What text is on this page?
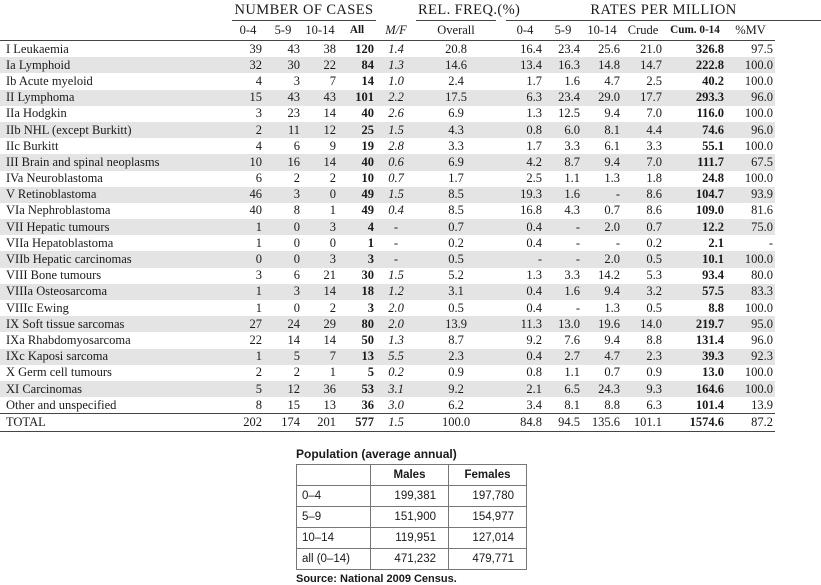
	NUMBER OF CASES					REL. FREQ.(%)		RATES PER MILLION					
	0-4	5-9	10-14	All	M/F	Overall		0-4	5-9	10-14	Crude	Cum. 0-14	%MV
I Leukaemia	39	43	38	120	1.4	20.8		16.4	23.4	25.6	21.0	326.8	97.5
Ia Lymphoid	32	30	22	84	1.3	14.6		13.4	16.3	14.8	14.7	222.8	100.0
Ib Acute myeloid	4	3	7	14	1.0	2.4		1.7	1.6	4.7	2.5	40.2	100.0
II Lymphoma	15	43	43	101	2.2	17.5		6.3	23.4	29.0	17.7	293.3	96.0
IIa Hodgkin	3	23	14	40	2.6	6.9		1.3	12.5	9.4	7.0	116.0	100.0
IIb NHL (except Burkitt)	2	11	12	25	1.5	4.3		0.8	6.0	8.1	4.4	74.6	96.0
IIc Burkitt	4	6	9	19	2.8	3.3		1.7	3.3	6.1	3.3	55.1	100.0
III Brain and spinal neoplasms	10	16	14	40	0.6	6.9		4.2	8.7	9.4	7.0	111.7	67.5
IVa Neuroblastoma	6	2	2	10	0.7	1.7		2.5	1.1	1.3	1.8	24.8	100.0
V Retinoblastoma	46	3	0	49	1.5	8.5		19.3	1.6	-	8.6	104.7	93.9
VIa Nephroblastoma	40	8	1	49	0.4	8.5		16.8	4.3	0.7	8.6	109.0	81.6
VII Hepatic tumours	1	0	3	4	-	0.7		0.4	-	2.0	0.7	12.2	75.0
VIIa Hepatoblastoma	1	0	0	1	-	0.2		0.4	-	-	0.2	2.1	-
VIIb Hepatic carcinomas	0	0	3	3	-	0.5		-	-	2.0	0.5	10.1	100.0
VIII Bone tumours	3	6	21	30	1.5	5.2		1.3	3.3	14.2	5.3	93.4	80.0
VIIIa Osteosarcoma	1	3	14	18	1.2	3.1		0.4	1.6	9.4	3.2	57.5	83.3
VIIIc Ewing	1	0	2	3	2.0	0.5		0.4	-	1.3	0.5	8.8	100.0
IX Soft tissue sarcomas	27	24	29	80	2.0	13.9		11.3	13.0	19.6	14.0	219.7	95.0
IXa Rhabdomyosarcoma	22	14	14	50	1.3	8.7		9.2	7.6	9.4	8.8	131.4	96.0
IXc Kaposi sarcoma	1	5	7	13	5.5	2.3		0.4	2.7	4.7	2.3	39.3	92.3
X Germ cell tumours	2	2	1	5	0.2	0.9		0.8	1.1	0.7	0.9	13.0	100.0
XI Carcinomas	5	12	36	53	3.1	9.2		2.1	6.5	24.3	9.3	164.6	100.0
Other and unspecified	8	15	13	36	3.0	6.2		3.4	8.1	8.8	6.3	101.4	13.9
TOTAL	202	174	201	577	1.5	100.0		84.8	94.5	135.6	101.1	1574.6	87.2
Population (average annual)
	Males	Females
0–4	199,381	197,780
5–9	151,900	154,977
10–14	119,951	127,014
all (0–14)	471,232	479,771
Source: National 2009 Census.
